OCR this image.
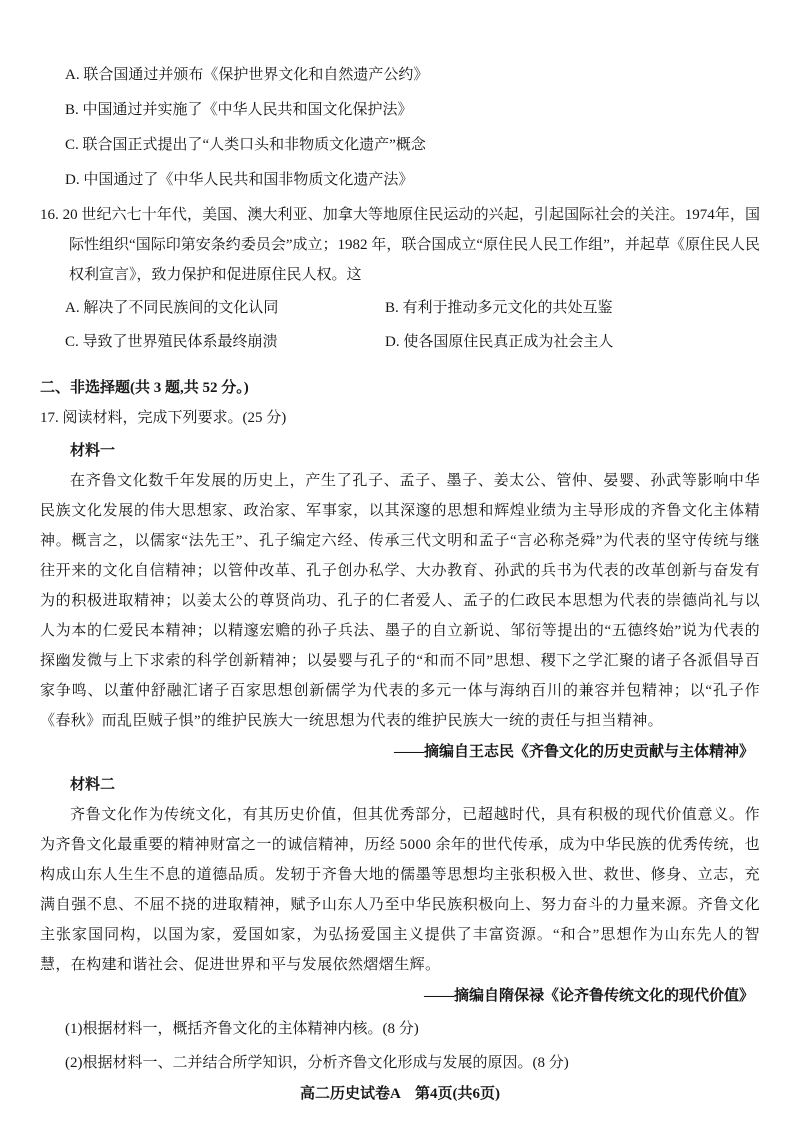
A. 联合国通过并颁布《保护世界文化和自然遗产公约》
B. 中国通过并实施了《中华人民共和国文化保护法》
C. 联合国正式提出了“人类口头和非物质文化遗产”概念
D. 中国通过了《中华人民共和国非物质文化遗产法》
16. 20 世纪六七十年代，美国、澳大利亚、加拿大等地原住民运动的兴起，引起国际社会的关注。1974年，国际性组织“国际印第安条约委员会”成立；1982 年，联合国成立“原住民人民工作组”，并起草《原住民人民权利宣言》，致力保护和促进原住民人权。这
A. 解决了不同民族间的文化认同	B. 有利于推动多元文化的共处互鉴
C. 导致了世界殖民体系最终崩溃	D. 使各国原住民真正成为社会主人
二、非选择题(共 3 题,共 52 分。)
17. 阅读材料，完成下列要求。(25 分)
材料一
在齐鲁文化数千年发展的历史上，产生了孔子、孟子、墨子、姜太公、管仲、晏婴、孙武等影响中华民族文化发展的伟大思想家、政治家、军事家，以其深邃的思想和辉煌业绩为主导形成的齐鲁文化主体精神。概言之，以儒家“法先王”、孔子编定六经、传承三代文明和孟子“言必称尧舜”为代表的坚守传统与继往开来的文化自信精神；以管仲改革、孔子创办私学、大办教育、孙武的兵书为代表的改革创新与奋发有为的积极进取精神；以姜太公的尊贤尚功、孔子的仁者爱人、孟子的仁政民本思想为代表的崇德尚礼与以人为本的仁爱民本精神；以精邃宏赡的孙子兵法、墨子的自立新说、邹衍等提出的“五德终始”说为代表的探幽发微与上下求索的科学创新精神；以晏婴与孔子的“和而不同”思想、稷下之学汇聚的诸子各派倡导百家争鸣、以董仲舒融汇诸子百家思想创新儒学为代表的多元一体与海纳百川的兼容并包精神；以“孔子作《春秋》而乱臣贼子惧”的维护民族大一统思想为代表的维护民族大一统的责任与担当精神。
——摘编自王志民《齐鲁文化的历史贡献与主体精神》
材料二
齐鲁文化作为传统文化，有其历史价值，但其优秀部分，已超越时代，具有积极的现代价值意义。作为齐鲁文化最重要的精神财富之一的诚信精神，历经 5000 余年的世代传承，成为中华民族的优秀传统，也构成山东人生生不息的道德品质。发轫于齐鲁大地的儒墨等思想均主张积极入世、救世、修身、立志，充满自强不息、不屈不挠的进取精神，赋予山东人乃至中华民族积极向上、努力奋斗的力量来源。齐鲁文化主张家国同构，以国为家，爱国如家，为弘扬爱国主义提供了丰富资源。“和合”思想作为山东先人的智慧，在构建和谐社会、促进世界和平与发展依然熠熠生辉。
——摘编自隋保禄《论齐鲁传统文化的现代价值》
(1)根据材料一，概括齐鲁文化的主体精神内核。(8 分)
(2)根据材料一、二并结合所学知识，分析齐鲁文化形成与发展的原因。(8 分)
高二历史试卷A　第4页(共6页)
